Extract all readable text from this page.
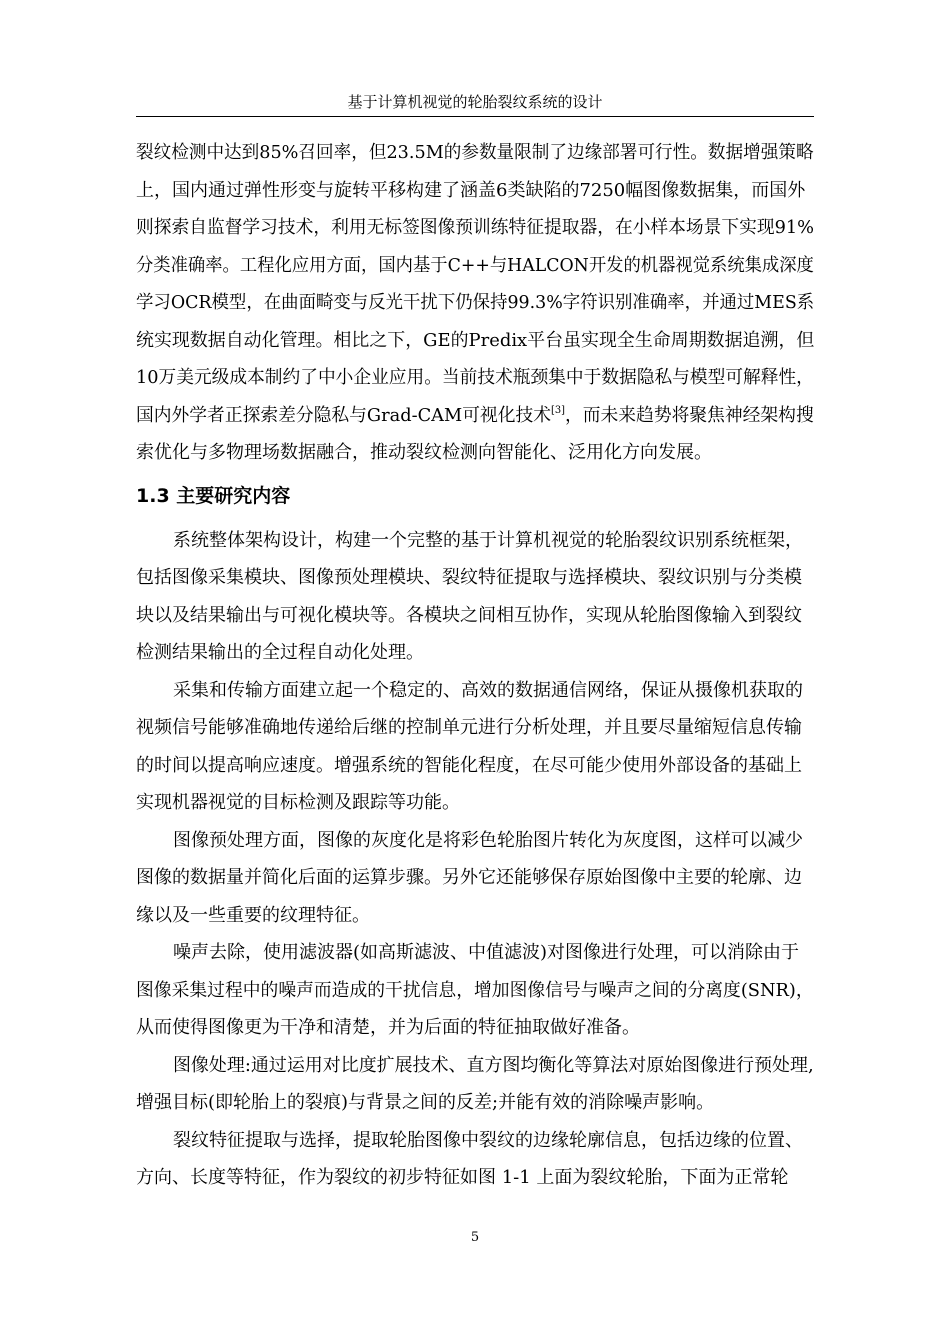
基于计算机视觉的轮胎裂纹系统的设计
裂纹检测中达到85%召回率，但23.5M的参数量限制了边缘部署可行性。数据增强策略
上，国内通过弹性形变与旋转平移构建了涵盖6类缺陷的7250幅图像数据集，而国外
则探索自监督学习技术，利用无标签图像预训练特征提取器，在小样本场景下实现91%
分类准确率。工程化应用方面，国内基于C++与HALCON开发的机器视觉系统集成深度
学习OCR模型，在曲面畸变与反光干扰下仍保持99.3%字符识别准确率，并通过MES系
统实现数据自动化管理。相比之下，GE的Predix平台虽实现全生命周期数据追溯，但
10万美元级成本制约了中小企业应用。当前技术瓶颈集中于数据隐私与模型可解释性，
国内外学者正探索差分隐私与Grad-CAM可视化技术[3]，而未来趋势将聚焦神经架构搜
索优化与多物理场数据融合，推动裂纹检测向智能化、泛用化方向发展。
1.3 主要研究内容
系统整体架构设计，构建一个完整的基于计算机视觉的轮胎裂纹识别系统框架，
包括图像采集模块、图像预处理模块、裂纹特征提取与选择模块、裂纹识别与分类模
块以及结果输出与可视化模块等。各模块之间相互协作，实现从轮胎图像输入到裂纹
检测结果输出的全过程自动化处理。
采集和传输方面建立起一个稳定的、高效的数据通信网络，保证从摄像机获取的
视频信号能够准确地传递给后继的控制单元进行分析处理，并且要尽量缩短信息传输
的时间以提高响应速度。增强系统的智能化程度，在尽可能少使用外部设备的基础上
实现机器视觉的目标检测及跟踪等功能。
图像预处理方面，图像的灰度化是将彩色轮胎图片转化为灰度图，这样可以减少
图像的数据量并简化后面的运算步骤。另外它还能够保存原始图像中主要的轮廓、边
缘以及一些重要的纹理特征。
噪声去除，使用滤波器(如高斯滤波、中值滤波)对图像进行处理，可以消除由于
图像采集过程中的噪声而造成的干扰信息，增加图像信号与噪声之间的分离度(SNR)，
从而使得图像更为干净和清楚，并为后面的特征抽取做好准备。
图像处理:通过运用对比度扩展技术、直方图均衡化等算法对原始图像进行预处理,
增强目标(即轮胎上的裂痕)与背景之间的反差;并能有效的消除噪声影响。
裂纹特征提取与选择，提取轮胎图像中裂纹的边缘轮廓信息，包括边缘的位置、
方向、长度等特征，作为裂纹的初步特征如图 1-1 上面为裂纹轮胎，下面为正常轮
5
